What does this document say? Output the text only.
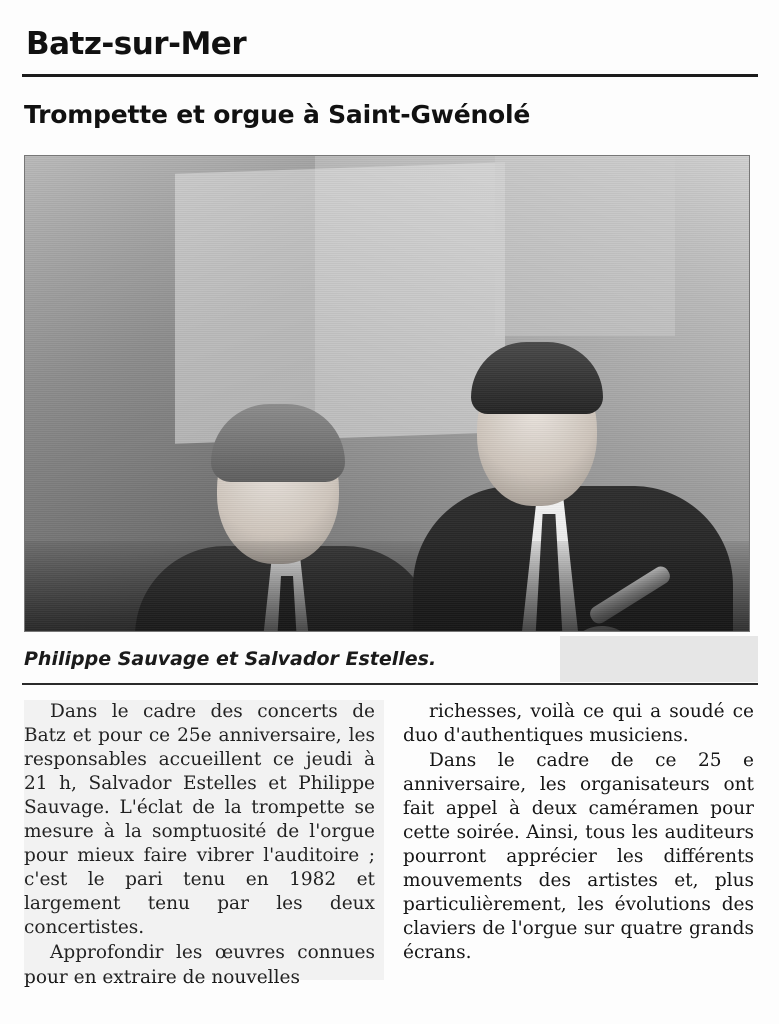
Batz-sur-Mer
Trompette et orgue à Saint-Gwénolé
Philippe Sauvage et Salvador Estelles.

Dans le cadre des concerts de Batz et pour ce 25e anniversaire, les responsables accueillent ce jeudi à 21 h, Salvador Estelles et Philippe Sauvage. L'éclat de la trompette se mesure à la somptuosité de l'orgue pour mieux faire vibrer l'auditoire ; c'est le pari tenu en 1982 et largement tenu par les deux concertistes.

Approfondir les œuvres connues pour en extraire de nouvelles

richesses, voilà ce qui a soudé ce duo d'authentiques musiciens.

Dans le cadre de ce 25 e anniversaire, les organisateurs ont fait appel à deux caméramen pour cette soirée. Ainsi, tous les auditeurs pourront apprécier les différents mouvements des artistes et, plus particulièrement, les évolutions des claviers de l'orgue sur quatre grands écrans.
